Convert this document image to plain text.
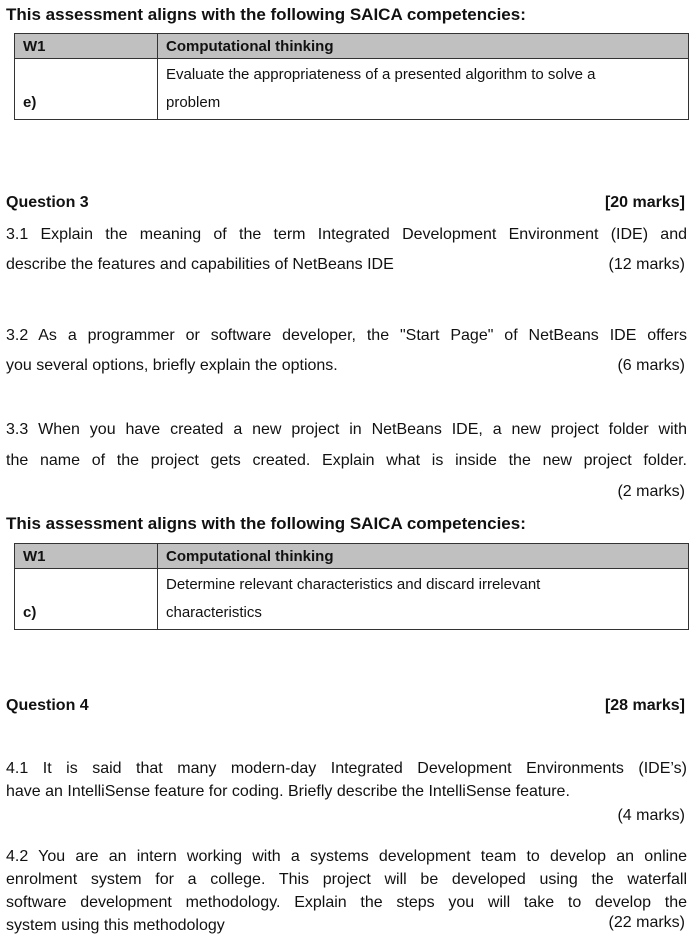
This assessment aligns with the following SAICA competencies:
W1	Computational thinking
e)	Evaluate the appropriateness of a presented algorithm to solve a
problem
Question 3	[20 marks]
3.1 Explain the meaning of the term Integrated Development Environment (IDE) and
describe the features and capabilities of NetBeans IDE	(12 marks)
3.2 As a programmer or software developer, the "Start Page" of NetBeans IDE offers
you several options, briefly explain the options.	(6 marks)
3.3 When you have created a new project in NetBeans IDE, a new project folder with
the name of the project gets created. Explain what is inside the new project folder.
(2 marks)
This assessment aligns with the following SAICA competencies:
W1	Computational thinking
c)	Determine relevant characteristics and discard irrelevant
characteristics
Question 4	[28 marks]
4.1 It is said that many modern-day Integrated Development Environments (IDE’s)
have an IntelliSense feature for coding. Briefly describe the IntelliSense feature.
(4 marks)
4.2 You are an intern working with a systems development team to develop an online
enrolment system for a college. This project will be developed using the waterfall
software development methodology. Explain the steps you will take to develop the
system using this methodology	(22 marks)
